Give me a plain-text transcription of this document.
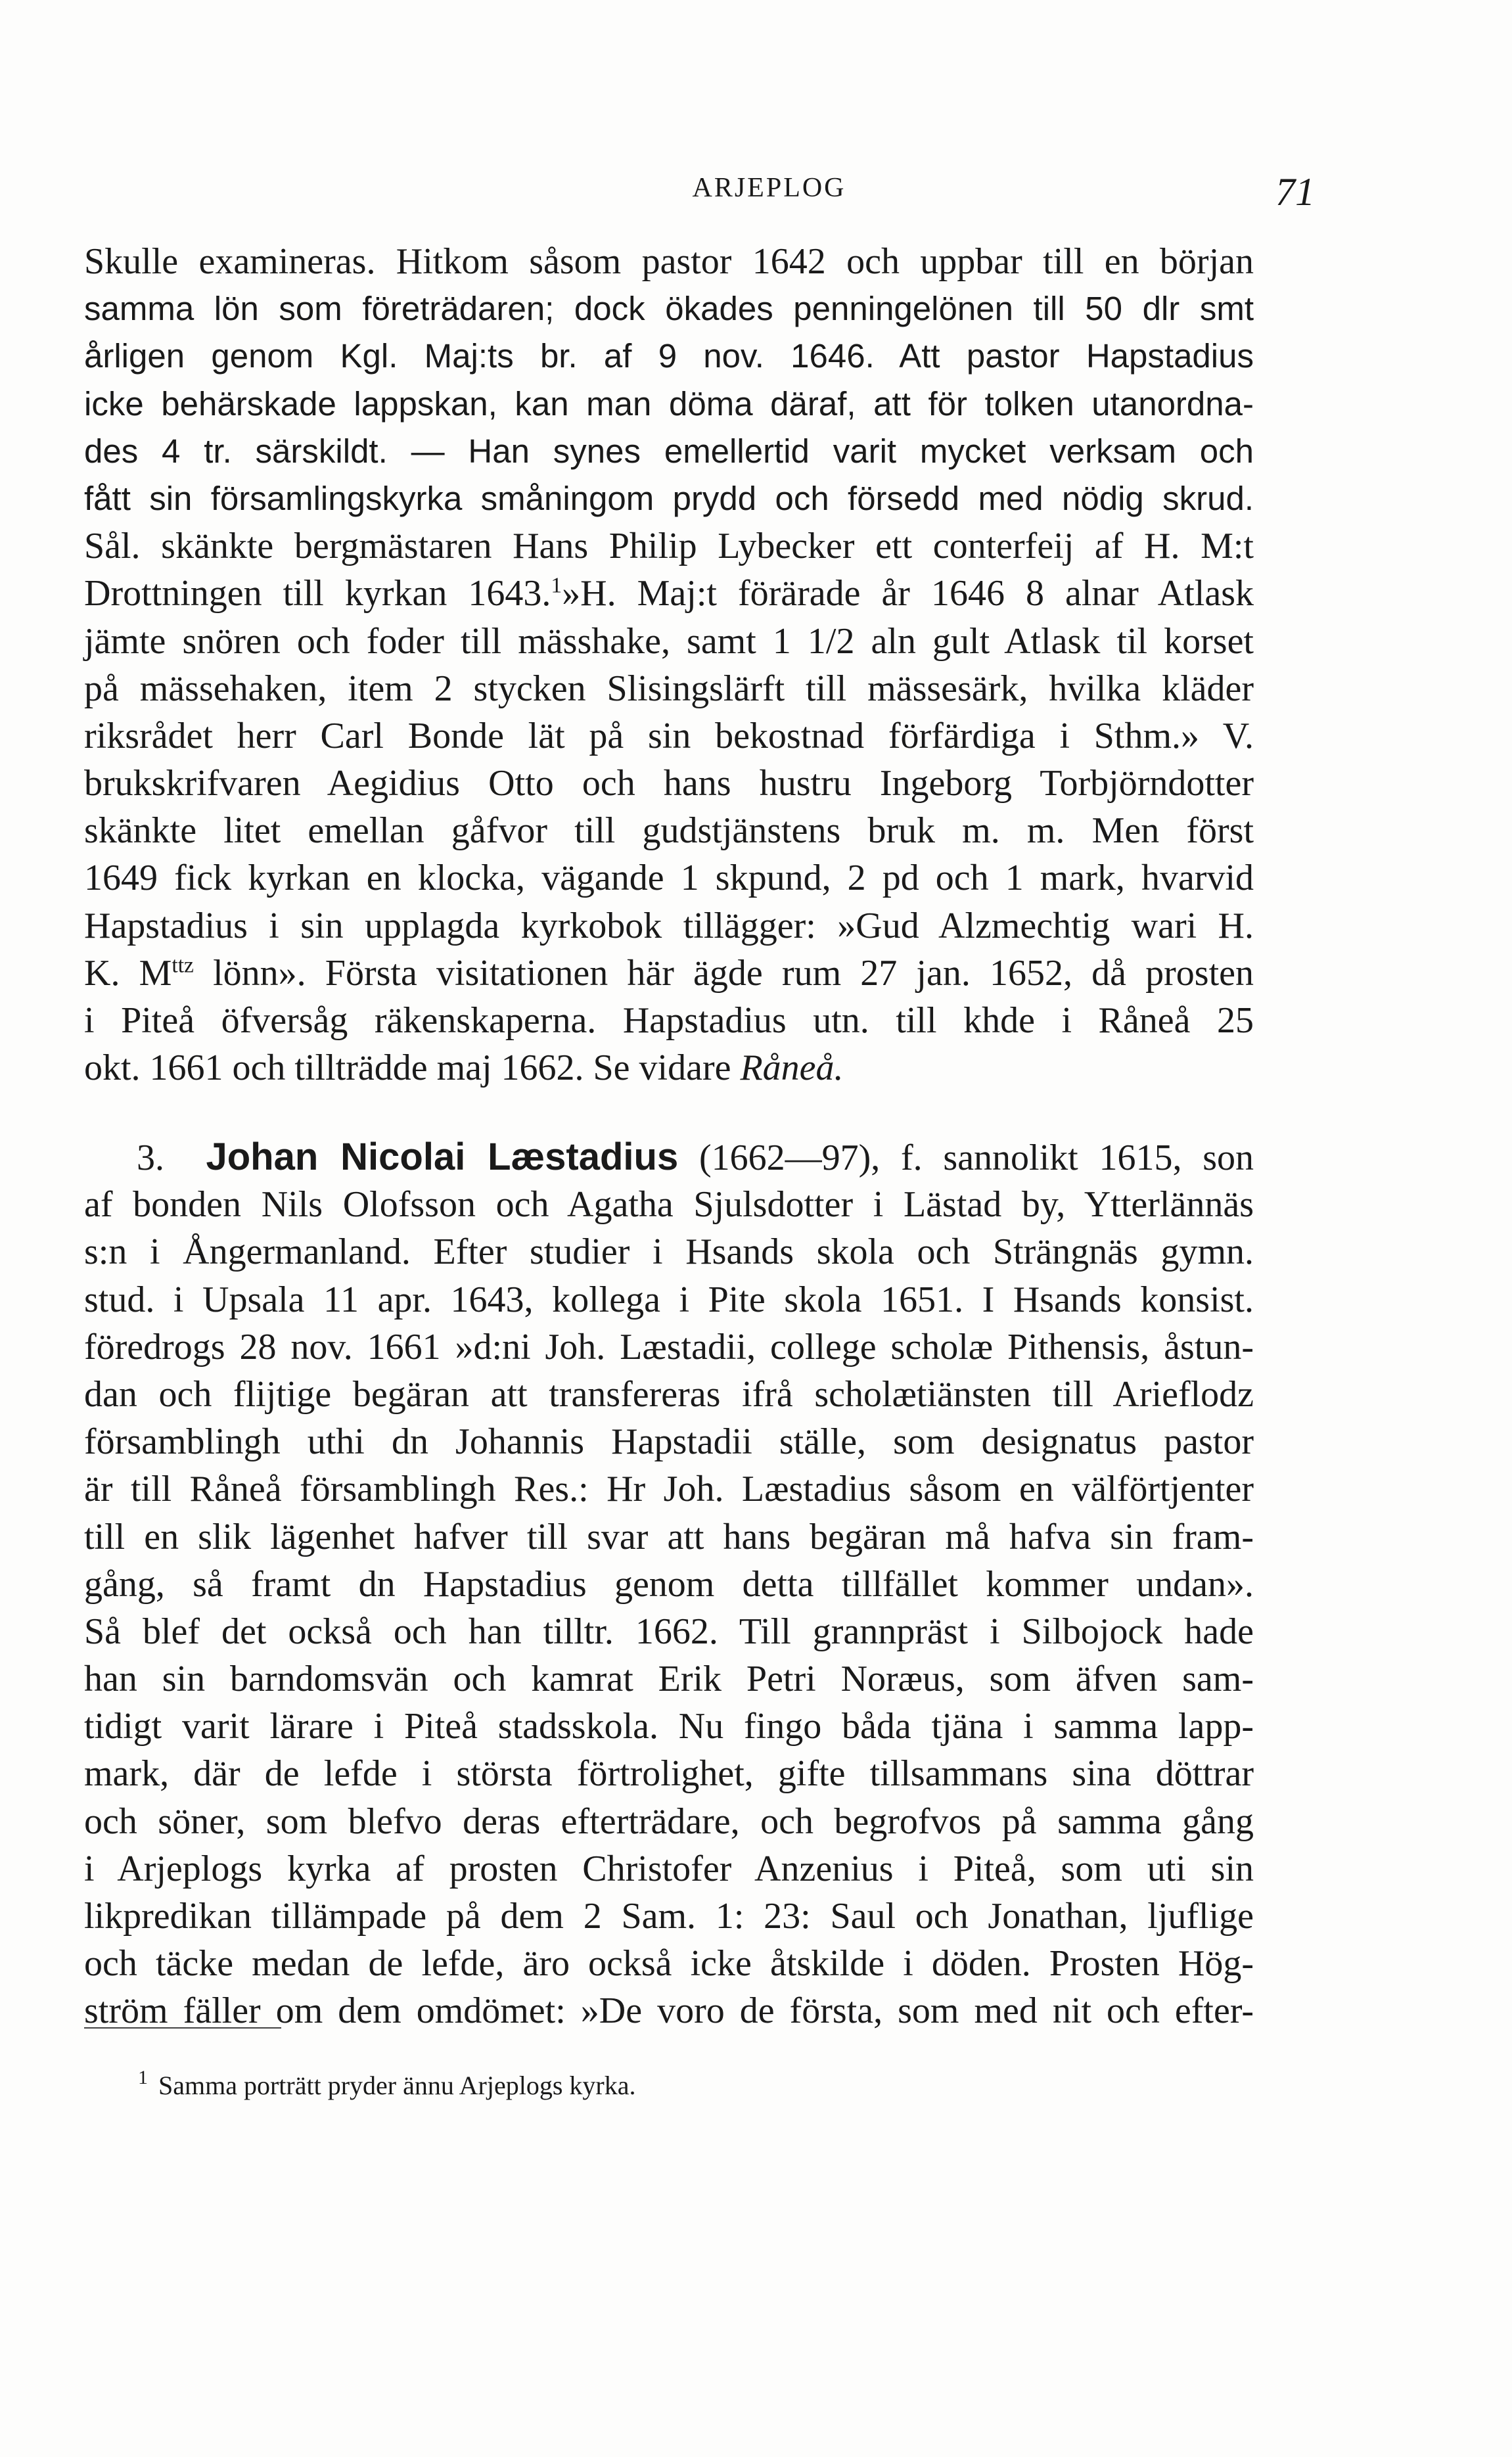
ARJEPLOG	71

Skulle examineras. Hitkom såsom pastor 1642 och uppbar till en början
samma lön som företrädaren; dock ökades penningelönen till 50 dlr smt
årligen genom Kgl. Maj:ts br. af 9 nov. 1646. Att pastor Hapstadius
icke behärskade lappskan, kan man döma däraf, att för tolken utanordna-
des 4 tr. särskildt. — Han synes emellertid varit mycket verksam och
fått sin församlingskyrka småningom prydd och försedd med nödig skrud.
Sål. skänkte bergmästaren Hans Philip Lybecker ett conterfeij af H. M:t
Drottningen till kyrkan 1643.$^1$»H. Maj:t förärade år 1646 8 alnar Atlask
jämte snören och foder till mässhake, samt 1 1/2 aln gult Atlask til korset
på mässehaken, item 2 stycken Slisingslärft till mässesärk, hvilka kläder
riksrådet herr Carl Bonde lät på sin bekostnad förfärdiga i Sthm.» V.
brukskrifvaren Aegidius Otto och hans hustru Ingeborg Torbjörndotter
skänkte litet emellan gåfvor till gudstjänstens bruk m. m. Men först
1649 fick kyrkan en klocka, vägande 1 skpund, 2 pd och 1 mark, hvarvid
Hapstadius i sin upplagda kyrkobok tillägger: »Gud Alzmechtig wari H.
K. $M^{ttz}$ lönn». Första visitationen här ägde rum 27 jan. 1652, då prosten
i Piteå öfversåg räkenskaperna. Hapstadius utn. till khde i Råneå 25
okt. 1661 och tillträdde maj 1662. Se vidare Råneå.

3. Johan Nicolai Læstadius (1662—97), f. sannolikt 1615, son
af bonden Nils Olofsson och Agatha Sjulsdotter i Lästad by, Ytterlännäs
s:n i Ångermanland. Efter studier i Hsands skola och Strängnäs gymn.
stud. i Upsala 11 apr. 1643, kollega i Pite skola 1651. I Hsands konsist.
föredrogs 28 nov. 1661 »d:ni Joh. Læstadii, college scholæ Pithensis, åstun-
dan och flijtige begäran att transfereras ifrå scholætiänsten till Arieflodz
församblingh uthi dn Johannis Hapstadii ställe, som designatus pastor
är till Råneå församblingh Res.: Hr Joh. Læstadius såsom en välförtjenter
till en slik lägenhet hafver till svar att hans begäran må hafva sin fram-
gång, så framt dn Hapstadius genom detta tillfället kommer undan».
Så blef det också och han tilltr. 1662. Till grannpräst i Silbojock hade
han sin barndomsvän och kamrat Erik Petri Noræus, som äfven sam-
tidigt varit lärare i Piteå stadsskola. Nu fingo båda tjäna i samma lapp-
mark, där de lefde i största förtrolighet, gifte tillsammans sina döttrar
och söner, som blefvo deras efterträdare, och begrofvos på samma gång
i Arjeplogs kyrka af prosten Christofer Anzenius i Piteå, som uti sin
likpredikan tillämpade på dem 2 Sam. 1: 23: Saul och Jonathan, ljuflige
och täcke medan de lefde, äro också icke åtskilde i döden. Prosten Hög-
ström fäller om dem omdömet: »De voro de första, som med nit och efter-

$^1$ Samma porträtt pryder ännu Arjeplogs kyrka.
